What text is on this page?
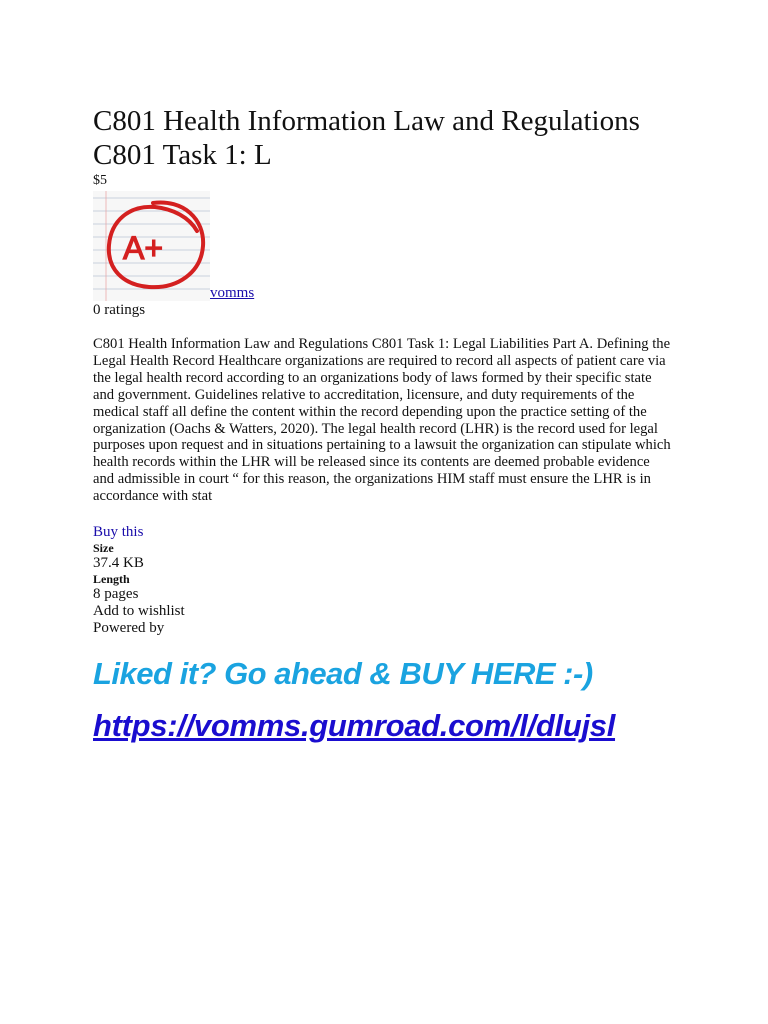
C801 Health Information Law and Regulations C801 Task 1: L
$5
A+
vomms
0 ratings
C801 Health Information Law and Regulations C801 Task 1: Legal Liabilities Part A. Defining the Legal Health Record Healthcare organizations are required to record all aspects of patient care via the legal health record according to an organizations body of laws formed by their specific state and government. Guidelines relative to accreditation, licensure, and duty requirements of the medical staff all define the content within the record depending upon the practice setting of the organization (Oachs & Watters, 2020). The legal health record (LHR) is the record used for legal purposes upon request and in situations pertaining to a lawsuit the organization can stipulate which health records within the LHR will be released since its contents are deemed probable evidence and admissible in court “ for this reason, the organizations HIM staff must ensure the LHR is in accordance with stat
Buy this
Size
37.4 KB
Length
8 pages
Add to wishlist
Powered by
Liked it? Go ahead & BUY HERE :-)
https://vomms.gumroad.com/l/dlujsl
